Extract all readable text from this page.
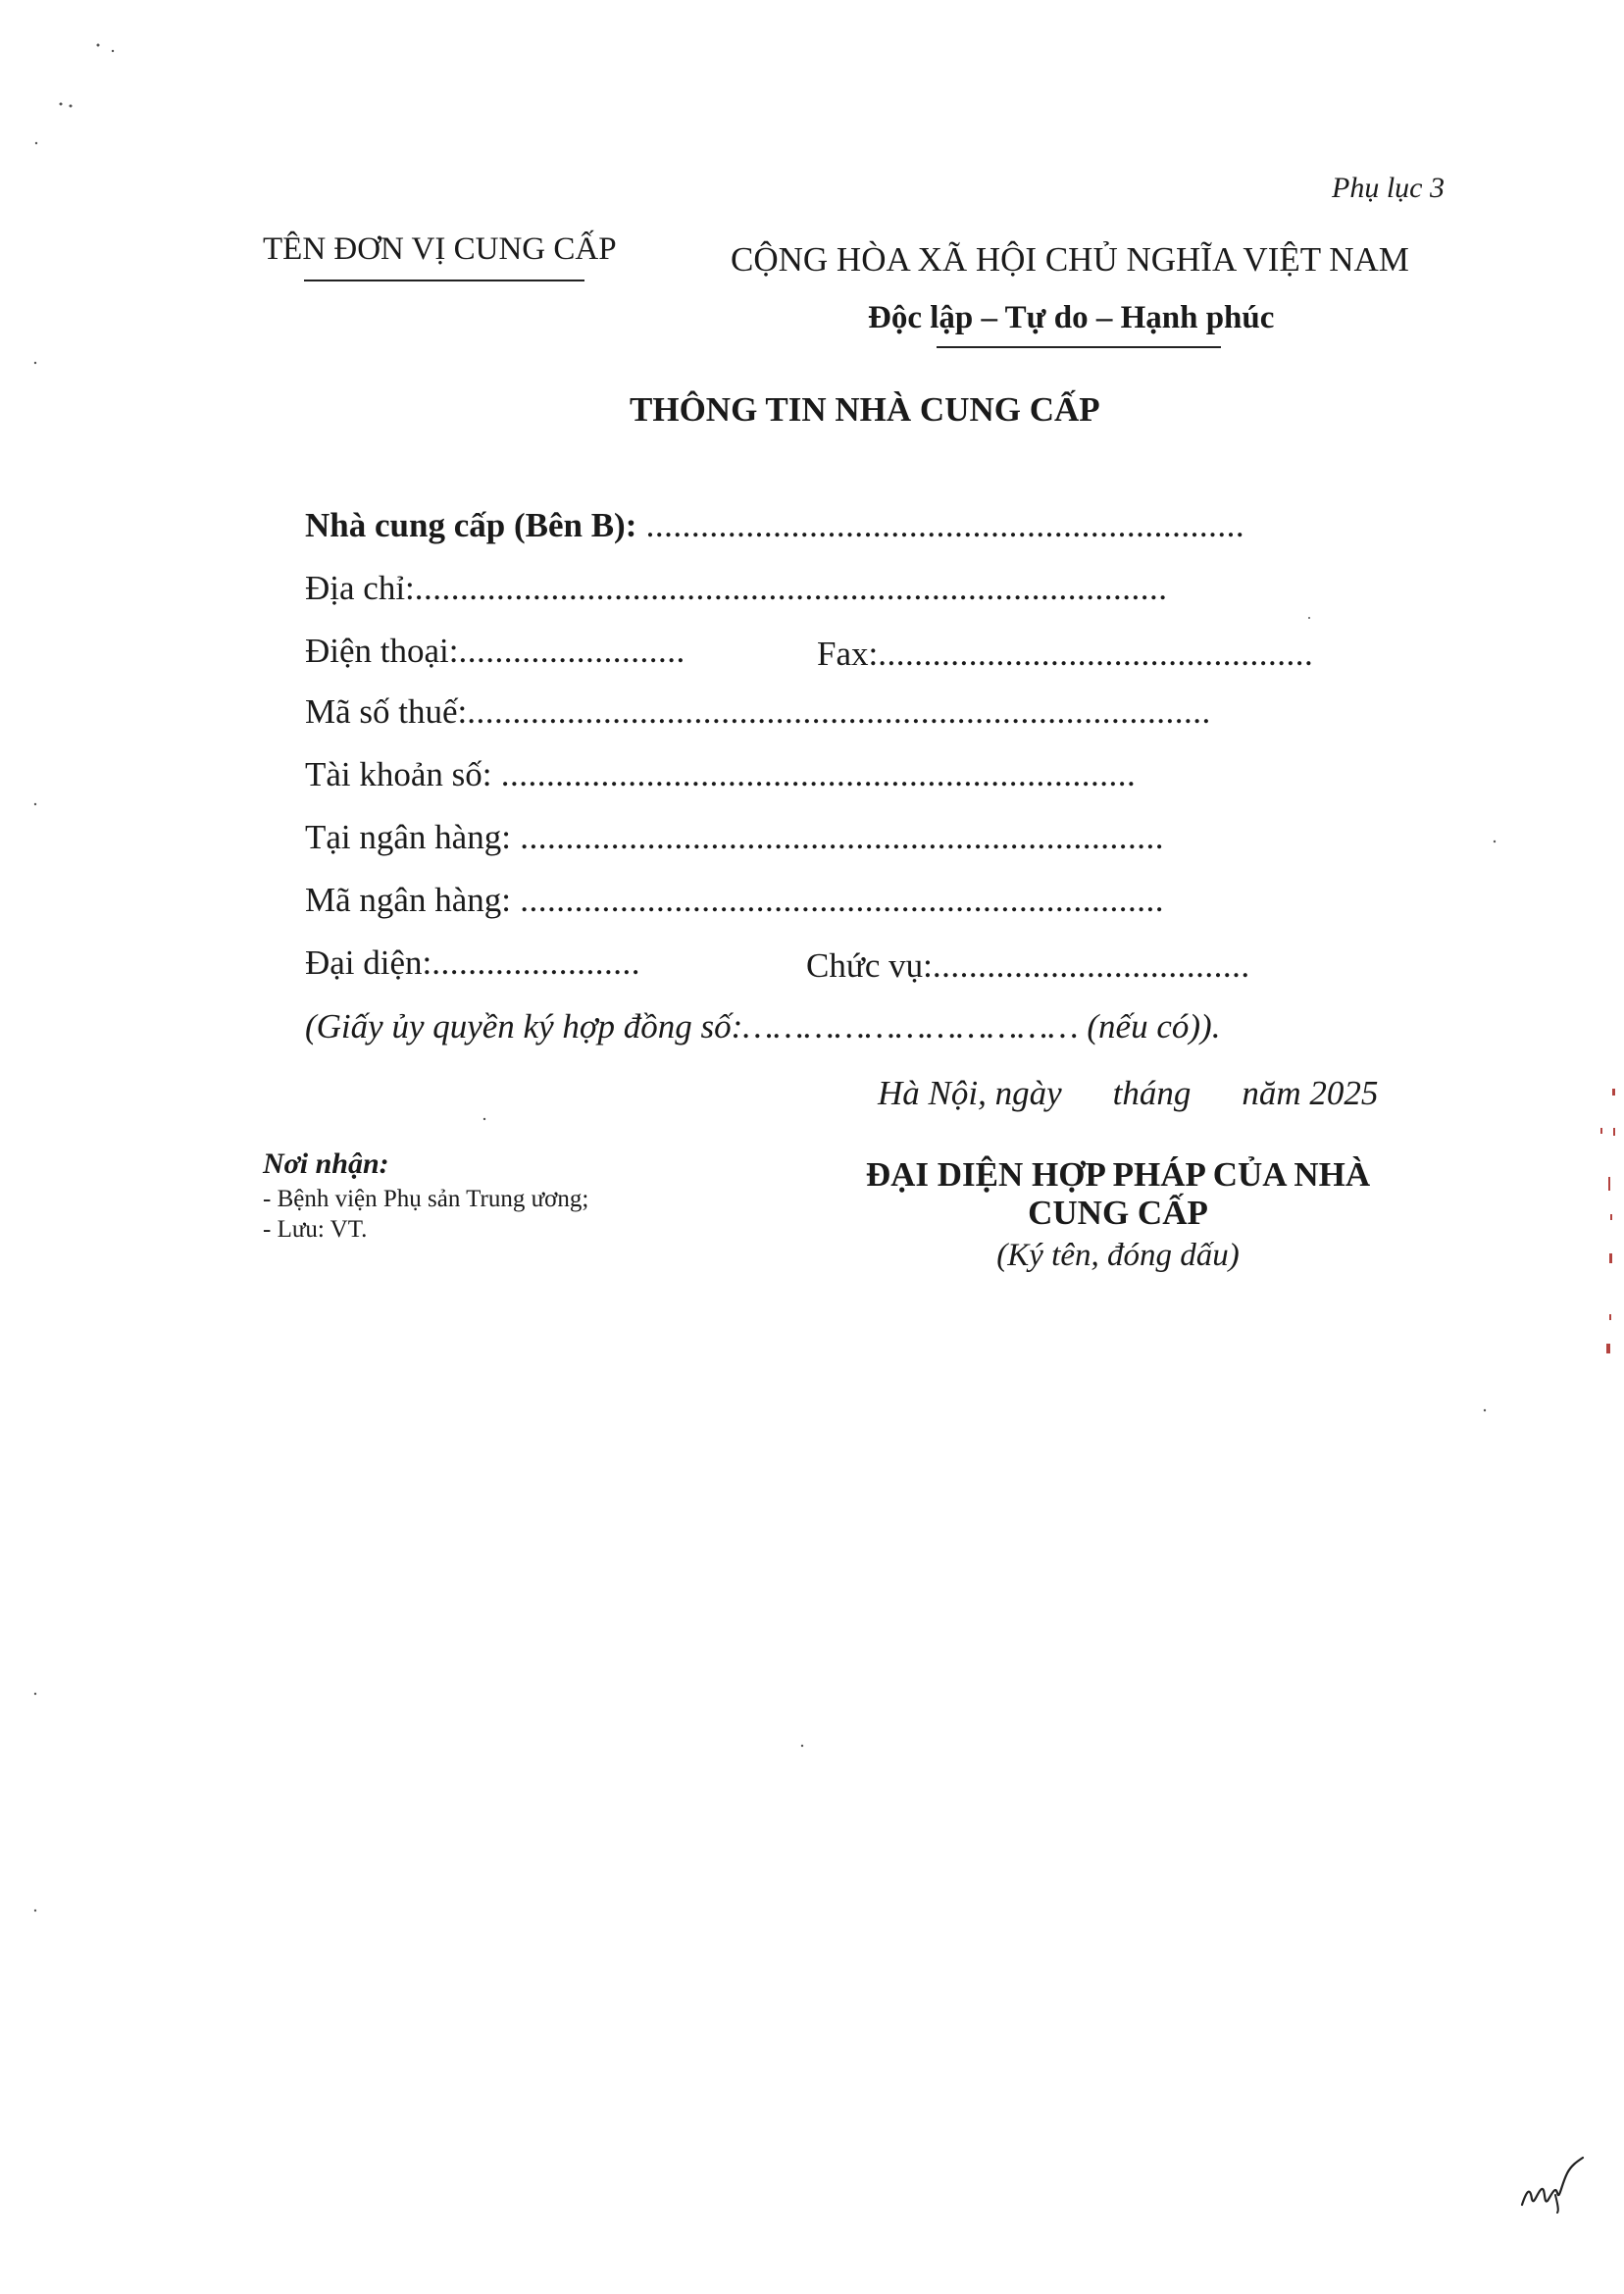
Phụ lục 3
TÊN ĐƠN VỊ CUNG CẤP	CỘNG HÒA XÃ HỘI CHỦ NGHĨA VIỆT NAM
Độc lập – Tự do – Hạnh phúc
THÔNG TIN NHÀ CUNG CẤP
Nhà cung cấp (Bên B): ..................................................................
Địa chỉ:...................................................................................
Điện thoại:.........................	Fax:................................................
Mã số thuế:..................................................................................
Tài khoản số: ......................................................................
Tại ngân hàng: .......................................................................
Mã ngân hàng: .......................................................................
Đại diện:.......................	Chức vụ:...................................
(Giấy ủy quyền ký hợp đồng số:…………………………… (nếu có)).
Hà Nội, ngày tháng năm 2025
Nơi nhận:
- Bệnh viện Phụ sản Trung ương;
- Lưu: VT.
ĐẠI DIỆN HỢP PHÁP CỦA NHÀ CUNG CẤP
(Ký tên, đóng dấu)
